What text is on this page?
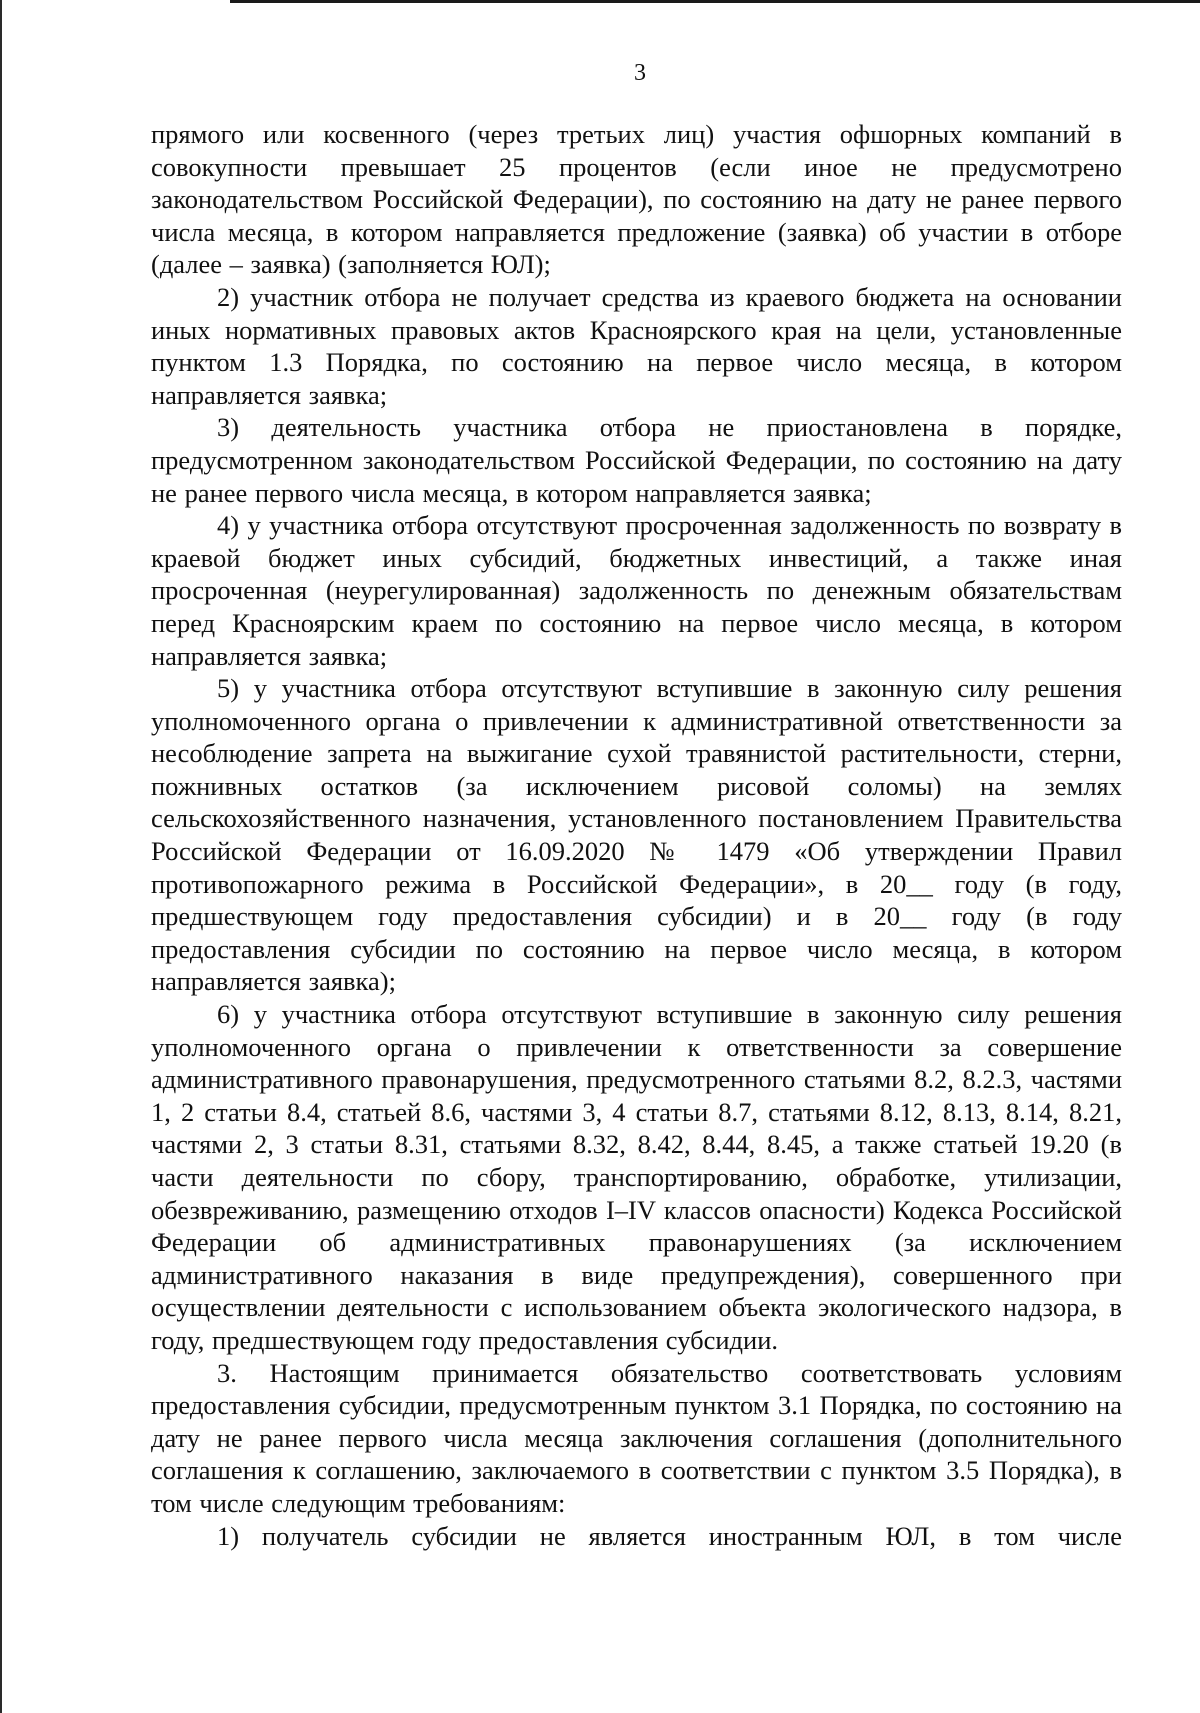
3

прямого или косвенного (через третьих лиц) участия офшорных компаний в совокупности превышает 25 процентов (если иное не предусмотрено законодательством Российской Федерации), по состоянию на дату не ранее первого числа месяца, в котором направляется предложение (заявка) об участии в отборе (далее – заявка) (заполняется ЮЛ);

2) участник отбора не получает средства из краевого бюджета на основании иных нормативных правовых актов Красноярского края на цели, установленные пунктом 1.3 Порядка, по состоянию на первое число месяца, в котором направляется заявка;

3) деятельность участника отбора не приостановлена в порядке, предусмотренном законодательством Российской Федерации, по состоянию на дату не ранее первого числа месяца, в котором направляется заявка;

4) у участника отбора отсутствуют просроченная задолженность по возврату в краевой бюджет иных субсидий, бюджетных инвестиций, а также иная просроченная (неурегулированная) задолженность по денежным обязательствам перед Красноярским краем по состоянию на первое число месяца, в котором направляется заявка;

5) у участника отбора отсутствуют вступившие в законную силу решения уполномоченного органа о привлечении к административной ответственности за несоблюдение запрета на выжигание сухой травянистой растительности, стерни, пожнивных остатков (за исключением рисовой соломы) на землях сельскохозяйственного назначения, установленного постановлением Правительства Российской Федерации от 16.09.2020 № 1479 «Об утверждении Правил противопожарного режима в Российской Федерации», в 20__ году (в году, предшествующем году предоставления субсидии) и в 20__ году (в году предоставления субсидии по состоянию на первое число месяца, в котором направляется заявка);

6) у участника отбора отсутствуют вступившие в законную силу решения уполномоченного органа о привлечении к ответственности за совершение административного правонарушения, предусмотренного статьями 8.2, 8.2.3, частями 1, 2 статьи 8.4, статьей 8.6, частями 3, 4 статьи 8.7, статьями 8.12, 8.13, 8.14, 8.21, частями 2, 3 статьи 8.31, статьями 8.32, 8.42, 8.44, 8.45, а также статьей 19.20 (в части деятельности по сбору, транспортированию, обработке, утилизации, обезвреживанию, размещению отходов I–IV классов опасности) Кодекса Российской Федерации об административных правонарушениях (за исключением административного наказания в виде предупреждения), совершенного при осуществлении деятельности с использованием объекта экологического надзора, в году, предшествующем году предоставления субсидии.

3. Настоящим принимается обязательство соответствовать условиям предоставления субсидии, предусмотренным пунктом 3.1 Порядка, по состоянию на дату не ранее первого числа месяца заключения соглашения (дополнительного соглашения к соглашению, заключаемого в соответствии с пунктом 3.5 Порядка), в том числе следующим требованиям:

1) получатель субсидии не является иностранным ЮЛ, в том числе
